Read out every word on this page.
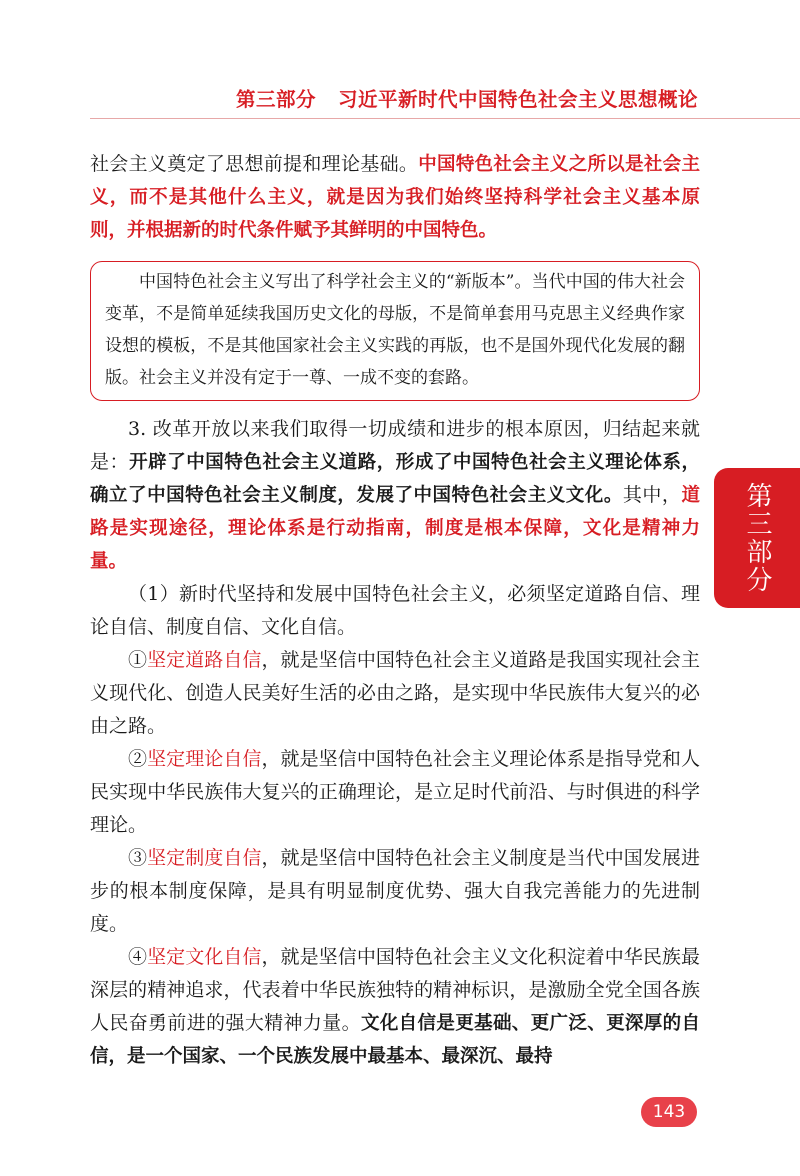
第三部分 习近平新时代中国特色社会主义思想概论

社会主义奠定了思想前提和理论基础。中国特色社会主义之所以是社会主义，而不是其他什么主义，就是因为我们始终坚持科学社会主义基本原则，并根据新的时代条件赋予其鲜明的中国特色。

中国特色社会主义写出了科学社会主义的“新版本”。当代中国的伟大社会变革，不是简单延续我国历史文化的母版，不是简单套用马克思主义经典作家设想的模板，不是其他国家社会主义实践的再版，也不是国外现代化发展的翻版。社会主义并没有定于一尊、一成不变的套路。

3. 改革开放以来我们取得一切成绩和进步的根本原因，归结起来就是：开辟了中国特色社会主义道路，形成了中国特色社会主义理论体系，确立了中国特色社会主义制度，发展了中国特色社会主义文化。其中，道路是实现途径，理论体系是行动指南，制度是根本保障，文化是精神力量。

（1）新时代坚持和发展中国特色社会主义，必须坚定道路自信、理论自信、制度自信、文化自信。

①坚定道路自信，就是坚信中国特色社会主义道路是我国实现社会主义现代化、创造人民美好生活的必由之路，是实现中华民族伟大复兴的必由之路。

②坚定理论自信，就是坚信中国特色社会主义理论体系是指导党和人民实现中华民族伟大复兴的正确理论，是立足时代前沿、与时俱进的科学理论。

③坚定制度自信，就是坚信中国特色社会主义制度是当代中国发展进步的根本制度保障，是具有明显制度优势、强大自我完善能力的先进制度。

④坚定文化自信，就是坚信中国特色社会主义文化积淀着中华民族最深层的精神追求，代表着中华民族独特的精神标识，是激励全党全国各族人民奋勇前进的强大精神力量。文化自信是更基础、更广泛、更深厚的自信，是一个国家、一个民族发展中最基本、最深沉、最持

第三部分
143
